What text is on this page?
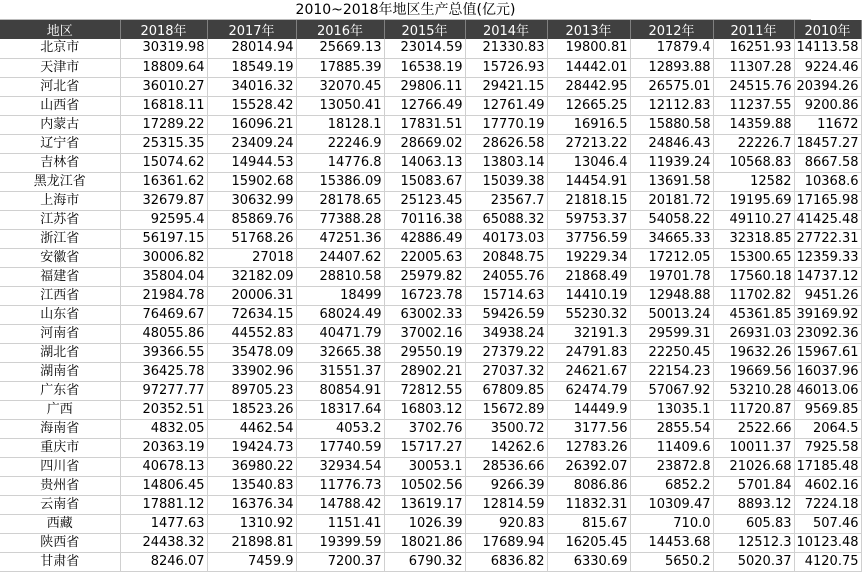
2010~2018年地区生产总值(亿元)
地区	2018年	2017年	2016年	2015年	2014年	2013年	2012年	2011年	2010年
北京市	30319.98	28014.94	25669.13	23014.59	21330.83	19800.81	17879.4	16251.93	14113.58
天津市	18809.64	18549.19	17885.39	16538.19	15726.93	14442.01	12893.88	11307.28	9224.46
河北省	36010.27	34016.32	32070.45	29806.11	29421.15	28442.95	26575.01	24515.76	20394.26
山西省	16818.11	15528.42	13050.41	12766.49	12761.49	12665.25	12112.83	11237.55	9200.86
内蒙古	17289.22	16096.21	18128.1	17831.51	17770.19	16916.5	15880.58	14359.88	11672
辽宁省	25315.35	23409.24	22246.9	28669.02	28626.58	27213.22	24846.43	22226.7	18457.27
吉林省	15074.62	14944.53	14776.8	14063.13	13803.14	13046.4	11939.24	10568.83	8667.58
黑龙江省	16361.62	15902.68	15386.09	15083.67	15039.38	14454.91	13691.58	12582	10368.6
上海市	32679.87	30632.99	28178.65	25123.45	23567.7	21818.15	20181.72	19195.69	17165.98
江苏省	92595.4	85869.76	77388.28	70116.38	65088.32	59753.37	54058.22	49110.27	41425.48
浙江省	56197.15	51768.26	47251.36	42886.49	40173.03	37756.59	34665.33	32318.85	27722.31
安徽省	30006.82	27018	24407.62	22005.63	20848.75	19229.34	17212.05	15300.65	12359.33
福建省	35804.04	32182.09	28810.58	25979.82	24055.76	21868.49	19701.78	17560.18	14737.12
江西省	21984.78	20006.31	18499	16723.78	15714.63	14410.19	12948.88	11702.82	9451.26
山东省	76469.67	72634.15	68024.49	63002.33	59426.59	55230.32	50013.24	45361.85	39169.92
河南省	48055.86	44552.83	40471.79	37002.16	34938.24	32191.3	29599.31	26931.03	23092.36
湖北省	39366.55	35478.09	32665.38	29550.19	27379.22	24791.83	22250.45	19632.26	15967.61
湖南省	36425.78	33902.96	31551.37	28902.21	27037.32	24621.67	22154.23	19669.56	16037.96
广东省	97277.77	89705.23	80854.91	72812.55	67809.85	62474.79	57067.92	53210.28	46013.06
广西	20352.51	18523.26	18317.64	16803.12	15672.89	14449.9	13035.1	11720.87	9569.85
海南省	4832.05	4462.54	4053.2	3702.76	3500.72	3177.56	2855.54	2522.66	2064.5
重庆市	20363.19	19424.73	17740.59	15717.27	14262.6	12783.26	11409.6	10011.37	7925.58
四川省	40678.13	36980.22	32934.54	30053.1	28536.66	26392.07	23872.8	21026.68	17185.48
贵州省	14806.45	13540.83	11776.73	10502.56	9266.39	8086.86	6852.2	5701.84	4602.16
云南省	17881.12	16376.34	14788.42	13619.17	12814.59	11832.31	10309.47	8893.12	7224.18
西藏	1477.63	1310.92	1151.41	1026.39	920.83	815.67	710.0	605.83	507.46
陕西省	24438.32	21898.81	19399.59	18021.86	17689.94	16205.45	14453.68	12512.3	10123.48
甘肃省	8246.07	7459.9	7200.37	6790.32	6836.82	6330.69	5650.2	5020.37	4120.75
